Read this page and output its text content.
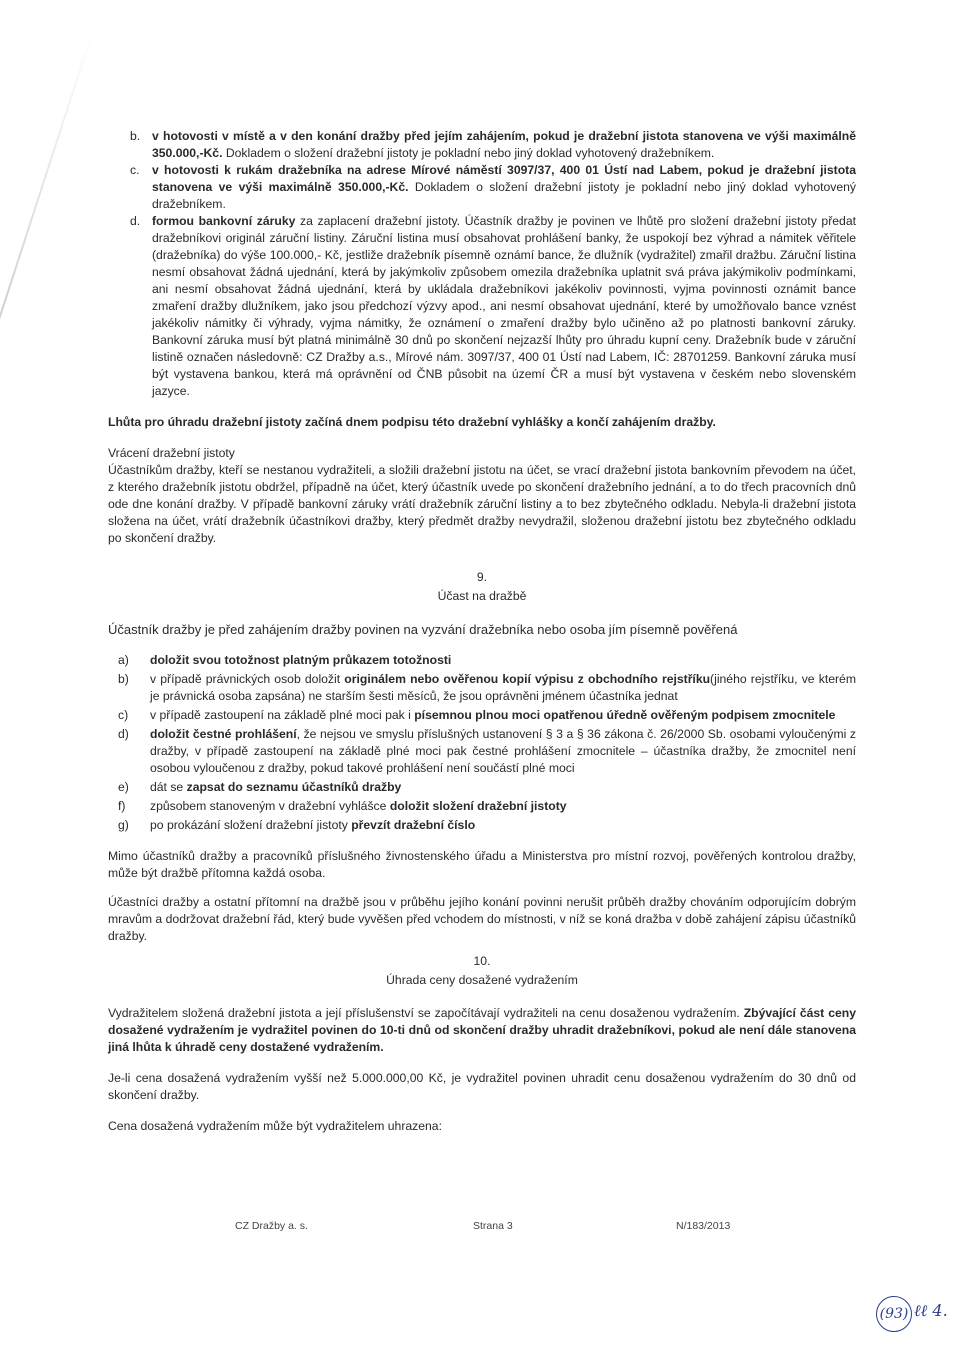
b. v hotovosti v místě a v den konání dražby před jejím zahájením, pokud je dražební jistota stanovena ve výši maximálně 350.000,-Kč. Dokladem o složení dražební jistoty je pokladní nebo jiný doklad vyhotovený dražebníkem.
c. v hotovosti k rukám dražebníka na adrese Mírové náměstí 3097/37, 400 01 Ústí nad Labem, pokud je dražební jistota stanovena ve výši maximálně 350.000,-Kč. Dokladem o složení dražební jistoty je pokladní nebo jiný doklad vyhotovený dražebníkem.
d. formou bankovní záruky za zaplacení dražební jistoty. Účastník dražby je povinen ve lhůtě pro složení dražební jistoty předat dražebníkovi originál záruční listiny. Záruční listina musí obsahovat prohlášení banky, že uspokojí bez výhrad a námitek věřitele (dražebníka) do výše 100.000,- Kč, jestliže dražebník písemně oznámí bance, že dlužník (vydražitel) zmařil dražbu. Záruční listina nesmí obsahovat žádná ujednání, která by jakýmkoliv způsobem omezila dražebníka uplatnit svá práva jakýmikoliv podmínkami, ani nesmí obsahovat žádná ujednání, která by ukládala dražebníkovi jakékoliv povinnosti, vyjma povinnosti oznámit bance zmaření dražby dlužníkem, jako jsou předchozí výzvy apod., ani nesmí obsahovat ujednání, které by umožňovalo bance vznést jakékoliv námitky či výhrady, vyjma námitky, že oznámení o zmaření dražby bylo učiněno až po platnosti bankovní záruky. Bankovní záruka musí být platná minimálně 30 dnů po skončení nejzazší lhůty pro úhradu kupní ceny. Dražebník bude v záruční listině označen následovně: CZ Dražby a.s., Mírové nám. 3097/37, 400 01 Ústí nad Labem, IČ: 28701259. Bankovní záruka musí být vystavena bankou, která má oprávnění od ČNB působit na území ČR a musí být vystavena v českém nebo slovenském jazyce.
Lhůta pro úhradu dražební jistoty začíná dnem podpisu této dražební vyhlášky a končí zahájením dražby.
Vrácení dražební jistoty
Účastníkům dražby, kteří se nestanou vydražiteli, a složili dražební jistotu na účet, se vrací dražební jistota bankovním převodem na účet, z kterého dražebník jistotu obdržel, případně na účet, který účastník uvede po skončení dražebního jednání, a to do třech pracovních dnů ode dne konání dražby. V případě bankovní záruky vrátí dražebník záruční listiny a to bez zbytečného odkladu. Nebyla-li dražební jistota složena na účet, vrátí dražebník účastníkovi dražby, který předmět dražby nevydražil, složenou dražební jistotu bez zbytečného odkladu po skončení dražby.
9.
Účast na dražbě
Účastník dražby je před zahájením dražby povinen na vyzvání dražebníka nebo osoba jím písemně pověřená
a) doložit svou totožnost platným průkazem totožnosti
b) v případě právnických osob doložit originálem nebo ověřenou kopií výpisu z obchodního rejstříku(jiného rejstříku, ve kterém je právnická osoba zapsána) ne starším šesti měsíců, že jsou oprávněni jménem účastníka jednat
c) v případě zastoupení na základě plné moci pak i písemnou plnou moci opatřenou úředně ověřeným podpisem zmocnitele
d) doložit čestné prohlášení, že nejsou ve smyslu příslušných ustanovení § 3 a § 36 zákona č. 26/2000 Sb. osobami vyloučenými z dražby, v případě zastoupení na základě plné moci pak čestné prohlášení zmocnitele – účastníka dražby, že zmocnitel není osobou vyloučenou z dražby, pokud takové prohlášení není součástí plné moci
e) dát se zapsat do seznamu účastníků dražby
f) způsobem stanoveným v dražební vyhlášce doložit složení dražební jistoty
g) po prokázání složení dražební jistoty převzít dražební číslo
Mimo účastníků dražby a pracovníků příslušného živnostenského úřadu a Ministerstva pro místní rozvoj, pověřených kontrolou dražby, může být dražbě přítomna každá osoba.
Účastníci dražby a ostatní přítomní na dražbě jsou v průběhu jejího konání povinni nerušit průběh dražby chováním odporujícím dobrým mravům a dodržovat dražební řád, který bude vyvěšen před vchodem do místnosti, v níž se koná dražba v době zahájení zápisu účastníků dražby.
CZ Dražby a. s.	Strana 3	N/183/2013
10.
Úhrada ceny dosažené vydražením
Vydražitelem složená dražební jistota a její příslušenství se započítávají vydražiteli na cenu dosaženou vydražením. Zbývající část ceny dosažené vydražením je vydražitel povinen do 10-ti dnů od skončení dražby uhradit dražebníkovi, pokud ale není dále stanovena jiná lhůta k úhradě ceny dostažené vydražením.
Je-li cena dosažená vydražením vyšší než 5.000.000,00 Kč, je vydražitel povinen uhradit cenu dosaženou vydražením do 30 dnů od skončení dražby.
Cena dosažená vydražením může být vydražitelem uhrazena:
(93) ℓℓ 4.
